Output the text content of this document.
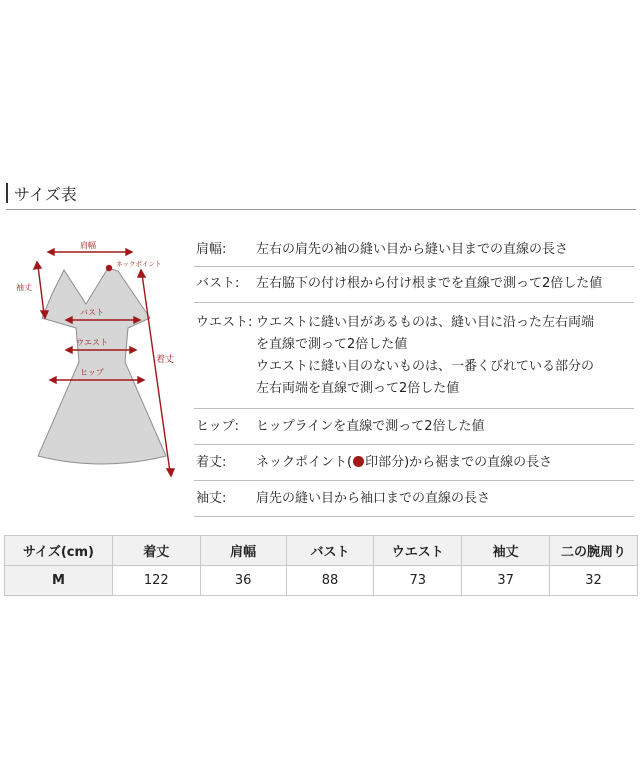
サイズ表
肩幅
ネックポイント
袖丈
バスト
ウエスト
ヒップ
着丈
肩幅: 左右の肩先の袖の縫い目から縫い目までの直線の長さ
バスト: 左右脇下の付け根から付け根までを直線で測って2倍した値
ウエスト: ウエストに縫い目があるものは、縫い目に沿った左右両端
を直線で測って2倍した値
ウエストに縫い目のないものは、一番くびれている部分の
左右両端を直線で測って2倍した値
ヒップ: ヒップラインを直線で測って2倍した値
着丈: ネックポイント( 印部分)から裾までの直線の長さ
袖丈: 肩先の縫い目から袖口までの直線の長さ
サイズ(cm)	着丈	肩幅	バスト	ウエスト	袖丈	二の腕周り
M	122	36	88	73	37	32
